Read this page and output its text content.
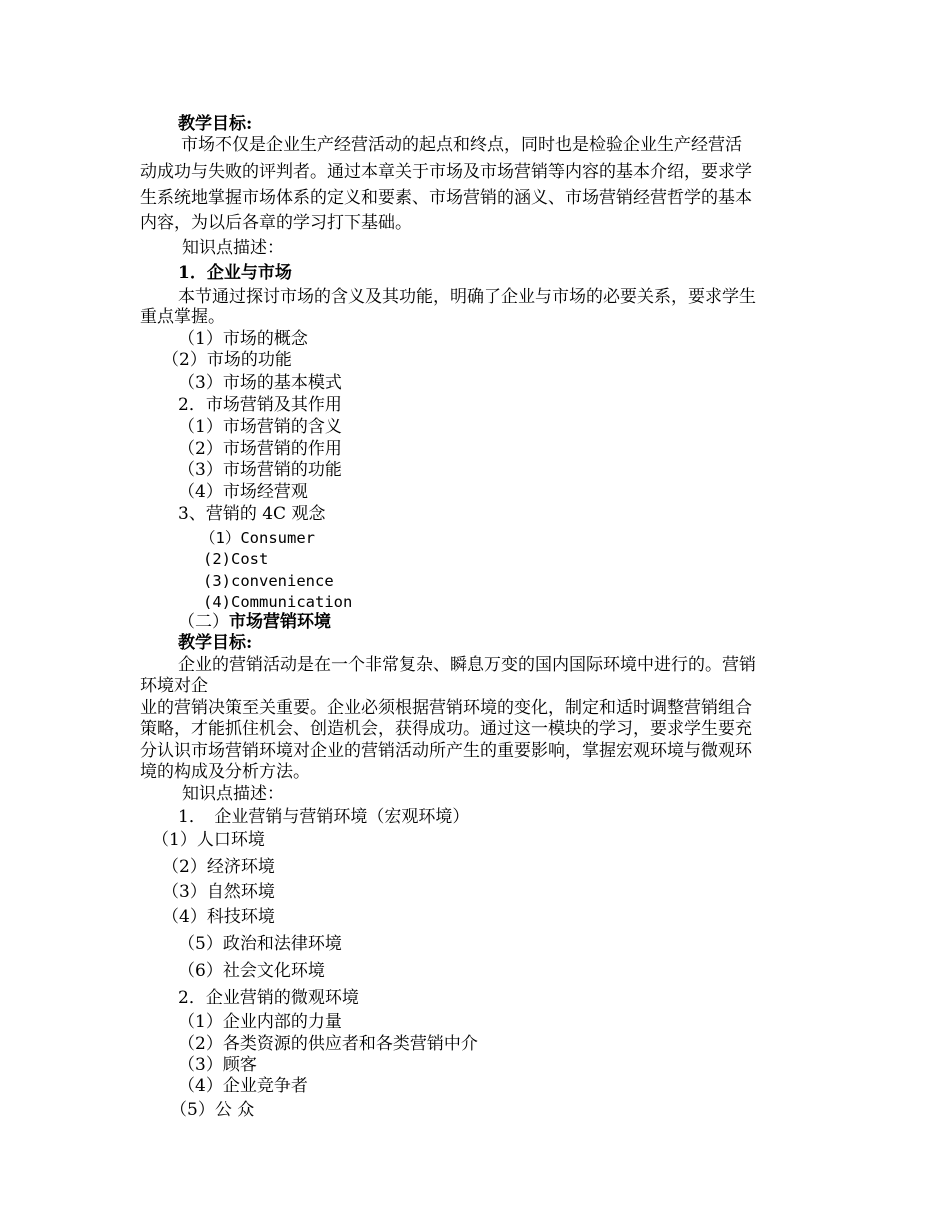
教学目标:
市场不仅是企业生产经营活动的起点和终点，同时也是检验企业生产经营活
动成功与失败的评判者。通过本章关于市场及市场营销等内容的基本介绍，要求学
生系统地掌握市场体系的定义和要素、市场营销的涵义、市场营销经营哲学的基本
内容，为以后各章的学习打下基础。
知识点描述：
1．企业与市场
本节通过探讨市场的含义及其功能，明确了企业与市场的必要关系，要求学生
重点掌握。
（1）市场的概念
（2）市场的功能
（3）市场的基本模式
2．市场营销及其作用
（1）市场营销的含义
（2）市场营销的作用
（3）市场营销的功能
（4）市场经营观
3、营销的 4C 观念
（1）Consumer
(2)Cost
(3)convenience
(4)Communication
（二）市场营销环境
教学目标:
企业的营销活动是在一个非常复杂、瞬息万变的国内国际环境中进行的。营销
环境对企
业的营销决策至关重要。企业必须根据营销环境的变化，制定和适时调整营销组合
策略，才能抓住机会、创造机会，获得成功。通过这一模块的学习，要求学生要充
分认识市场营销环境对企业的营销活动所产生的重要影响，掌握宏观环境与微观环
境的构成及分析方法。
知识点描述：
1．　企业营销与营销环境（宏观环境）
（1）人口环境
（2）经济环境
（3）自然环境
（4）科技环境
（5）政治和法律环境
（6）社会文化环境
2．企业营销的微观环境
（1）企业内部的力量
（2）各类资源的供应者和各类营销中介
（3）顾客
（4）企业竞争者
（5）公 众
